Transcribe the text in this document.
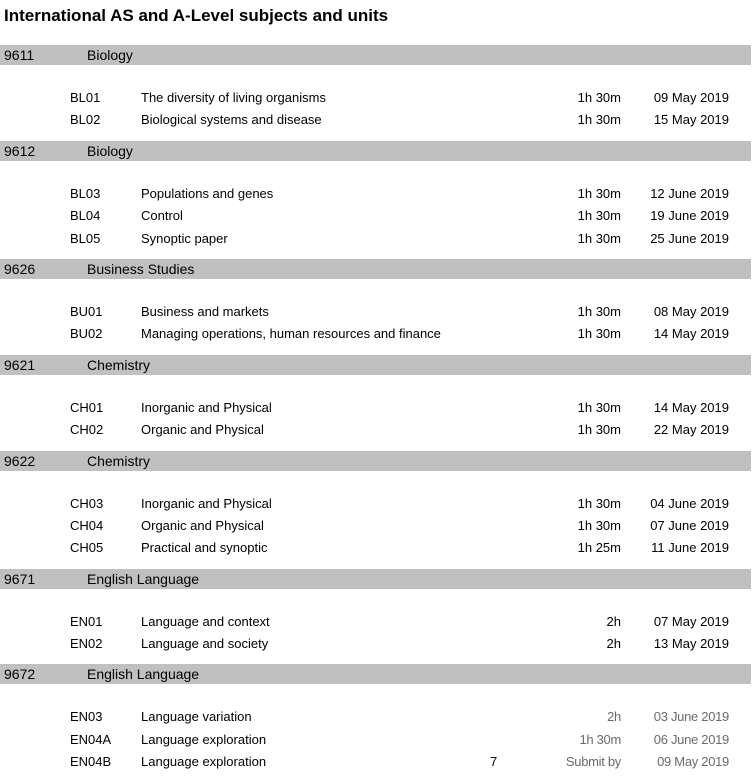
International AS and A-Level subjects and units
9611	Biology
BL01	The diversity of living organisms	1h 30m	09 May 2019
BL02	Biological systems and disease	1h 30m	15 May 2019
9612	Biology
BL03	Populations and genes	1h 30m 12 June 2019
BL04	Control	1h 30m 19 June 2019
BL05	Synoptic paper	1h 30m 25 June 2019
9626	Business Studies
BU01	Business and markets	1h 30m	08 May 2019
BU02	Managing operations, human resources and finance	1h 30m	14 May 2019
9621	Chemistry
CH01	Inorganic and Physical	1h 30m	14 May 2019
CH02	Organic and Physical	1h 30m	22 May 2019
9622	Chemistry
CH03	Inorganic and Physical	1h 30m 04 June 2019
CH04	Organic and Physical	1h 30m 07 June 2019
CH05	Practical and synoptic	1h 25m 11 June 2019
9671	English Language
EN01	Language and context	2h	07 May 2019
EN02	Language and society	2h	13 May 2019
9672	English Language
EN03	Language variation	2h	03 June 2019
EN04A Language exploration	1h 30m	06 June 2019
EN04B Language exploration	7	Submit by	09 May 2019
